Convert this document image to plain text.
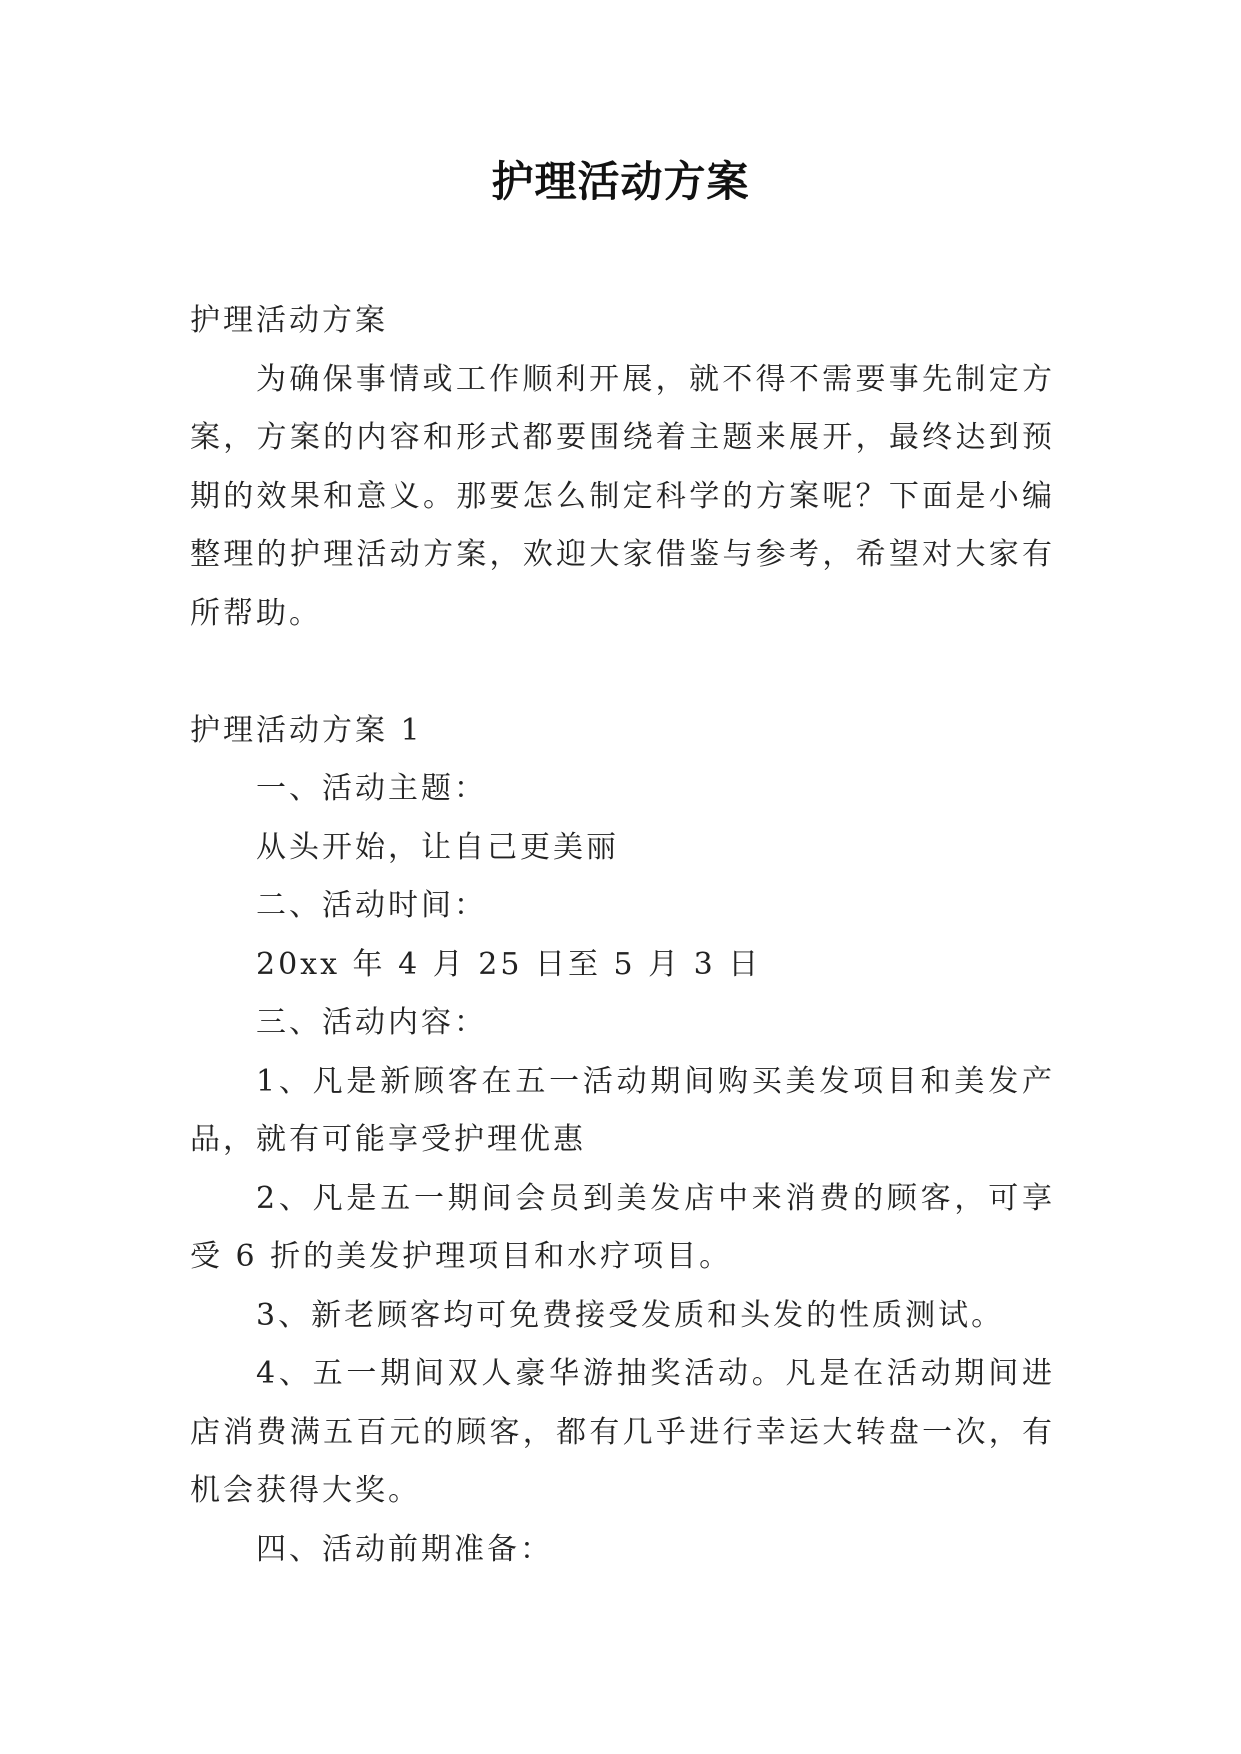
护理活动方案
护理活动方案
为确保事情或工作顺利开展，就不得不需要事先制定方
案，方案的内容和形式都要围绕着主题来展开，最终达到预
期的效果和意义。那要怎么制定科学的方案呢？下面是小编
整理的护理活动方案，欢迎大家借鉴与参考，希望对大家有
所帮助。
护理活动方案 1
一、活动主题：
从头开始，让自己更美丽
二、活动时间：
20xx 年 4 月 25 日至 5 月 3 日
三、活动内容：
1、凡是新顾客在五一活动期间购买美发项目和美发产
品，就有可能享受护理优惠
2、凡是五一期间会员到美发店中来消费的顾客，可享
受 6 折的美发护理项目和水疗项目。
3、新老顾客均可免费接受发质和头发的性质测试。
4、五一期间双人豪华游抽奖活动。凡是在活动期间进
店消费满五百元的顾客，都有几乎进行幸运大转盘一次，有
机会获得大奖。
四、活动前期准备：
